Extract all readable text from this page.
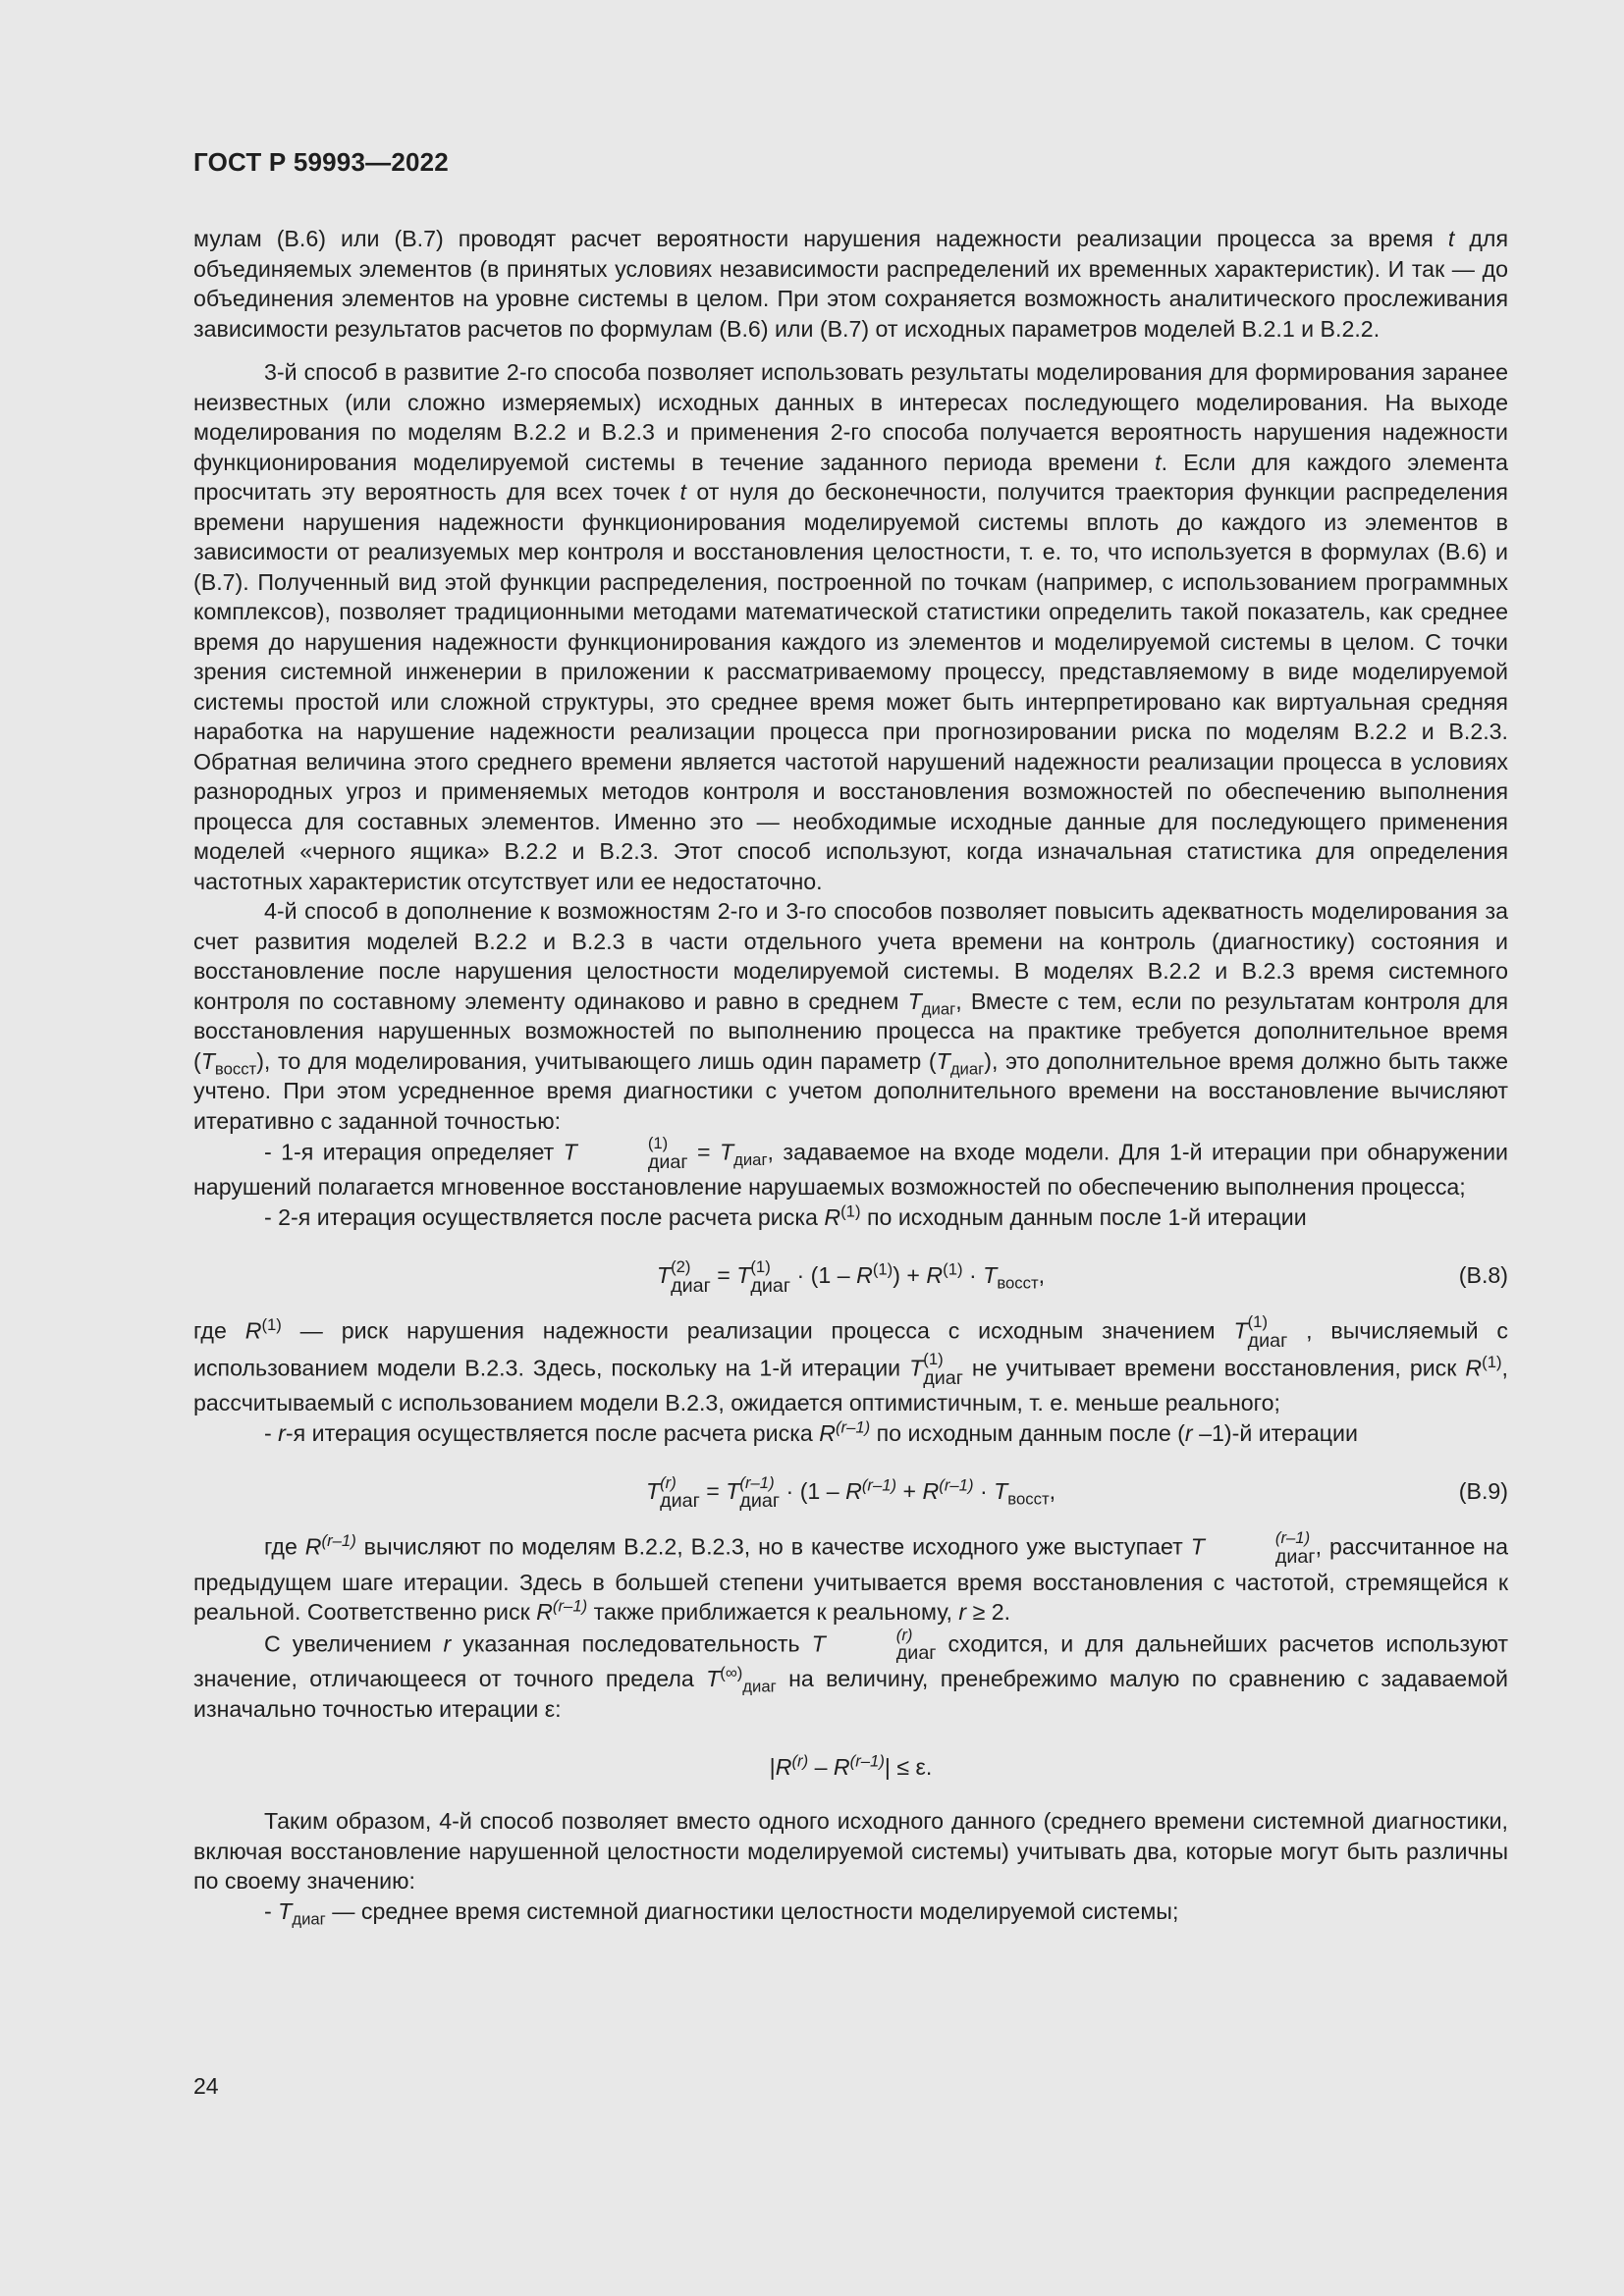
ГОСТ Р 59993—2022

мулам (В.6) или (В.7) проводят расчет вероятности нарушения надежности реализации процесса за время t для объединяемых элементов (в принятых условиях независимости распределений их временных характеристик). И так — до объединения элементов на уровне системы в целом. При этом сохраняется возможность аналитического прослеживания зависимости результатов расчетов по формулам (В.6) или (В.7) от исходных параметров моделей В.2.1 и В.2.2.

3-й способ в развитие 2-го способа позволяет использовать результаты моделирования для формирования заранее неизвестных (или сложно измеряемых) исходных данных в интересах последующего моделирования. На выходе моделирования по моделям В.2.2 и В.2.3 и применения 2-го способа получается вероятность нарушения надежности функционирования моделируемой системы в течение заданного периода времени t. Если для каждого элемента просчитать эту вероятность для всех точек t от нуля до бесконечности, получится траектория функции распределения времени нарушения надежности функционирования моделируемой системы вплоть до каждого из элементов в зависимости от реализуемых мер контроля и восстановления целостности, т. е. то, что используется в формулах (В.6) и (В.7). Полученный вид этой функции распределения, построенной по точкам (например, с использованием программных комплексов), позволяет традиционными методами математической статистики определить такой показатель, как среднее время до нарушения надежности функционирования каждого из элементов и моделируемой системы в целом. С точки зрения системной инженерии в приложении к рассматриваемому процессу, представляемому в виде моделируемой системы простой или сложной структуры, это среднее время может быть интерпретировано как виртуальная средняя наработка на нарушение надежности реализации процесса при прогнозировании риска по моделям В.2.2 и В.2.3. Обратная величина этого среднего времени является частотой нарушений надежности реализации процесса в условиях разнородных угроз и применяемых методов контроля и восстановления возможностей по обеспечению выполнения процесса для составных элементов. Именно это — необходимые исходные данные для последующего применения моделей «черного ящика» В.2.2 и В.2.3. Этот способ используют, когда изначальная статистика для определения частотных характеристик отсутствует или ее недостаточно.

4-й способ в дополнение к возможностям 2-го и 3-го способов позволяет повысить адекватность моделирования за счет развития моделей В.2.2 и В.2.3 в части отдельного учета времени на контроль (диагностику) состояния и восстановление после нарушения целостности моделируемой системы. В моделях В.2.2 и В.2.3 время системного контроля по составному элементу одинаково и равно в среднем $T_{диаг}$, Вместе с тем, если по результатам контроля для восстановления нарушенных возможностей по выполнению процесса на практике требуется дополнительное время $(T_{восст})$, то для моделирования, учитывающего лишь один параметр $(T_{диаг})$, это дополнительное время должно быть также учтено. При этом усредненное время диагностики с учетом дополнительного времени на восстановление вычисляют итеративно с заданной точностью:

- 1-я итерация определяет T	(1)
диаг = $T_{диаг}$, задаваемое на входе модели. Для 1-й итерации при обнаружении нарушений полагается мгновенное восстановление нарушаемых возможностей по обеспечению выполнения процесса;

- 2-я итерация осуществляется после расчета риска $R^{(1)}$ по исходным данным после 1-й итерации

T (2)
диаг = T (1)
диаг · $(1 - R^{(1)}) + R^{(1)} \cdot T_{восст}$,	(В.8)

где $R^{(1)}$ — риск нарушения надежности реализации процесса с исходным значением T (1)
диаг , вычисляемый с использованием модели В.2.3. Здесь, поскольку на 1-й итерации T (1)
диаг не учитывает времени восстановления, риск $R^{(1)}$, рассчитываемый с использованием модели В.2.3, ожидается оптимистичным, т. е. меньше реального;

- r-я итерация осуществляется после расчета риска $R^{(r-1)}$ по исходным данным после (r –1)-й итерации

T (r)
диаг = T (r–1)
диаг · ($1 - R^{(r-1)} + R^{(r-1)} \cdot T_{восст}$,	(В.9)

где $R^{(r-1)}$ вычисляют по моделям В.2.2, В.2.3, но в качестве исходного уже выступает T	(r–1)
диаг , рассчитанное на предыдущем шаге итерации. Здесь в большей степени учитывается время восстановления с частотой, стремящейся к реальной. Соответственно риск $R^{(r-1)}$ также приближается к реальному, r ≥ 2.

С увеличением r указанная последовательность T	(r)
диаг сходится, и для дальнейших расчетов используют значение, отличающееся от точного предела $T^{(\infty)}_{диаг}$ на величину, пренебрежимо малую по сравнению с задаваемой изначально точностью итерации ε:

$|R^{(r)} - R^{(r-1)}| \le \varepsilon$.

Таким образом, 4-й способ позволяет вместо одного исходного данного (среднего времени системной диагностики, включая восстановление нарушенной целостности моделируемой системы) учитывать два, которые могут быть различны по своему значению:

- $T_{диаг}$ — среднее время системной диагностики целостности моделируемой системы;

24
